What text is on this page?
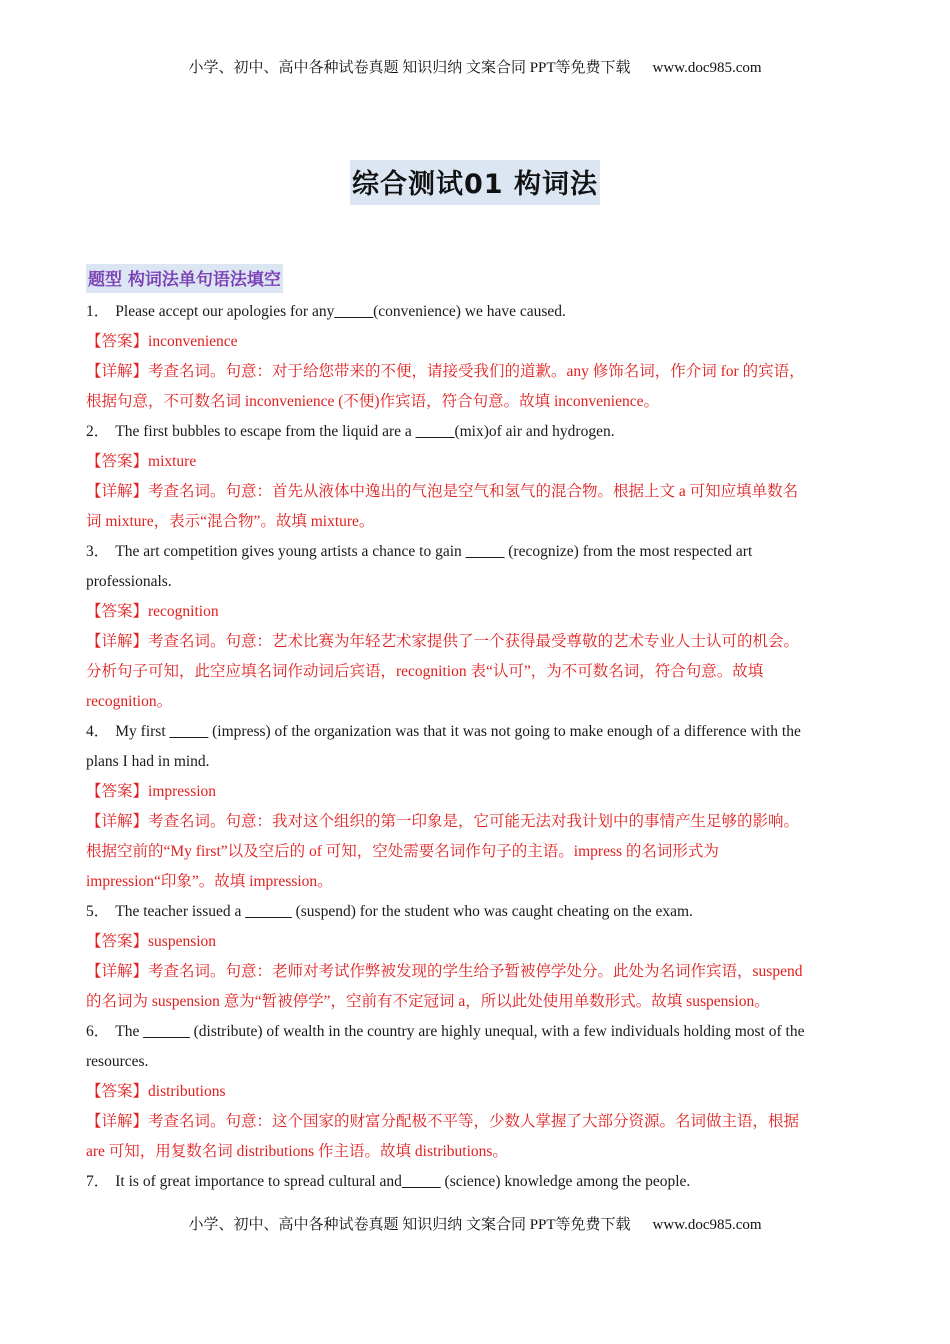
小学、初中、高中各种试卷真题 知识归纳 文案合同 PPT等免费下载 www.doc985.com
综合测试01 构词法
题型 构词法单句语法填空

1． Please accept our apologies for any_____(convenience) we have caused.

【答案】inconvenience

【详解】考查名词。句意：对于给您带来的不便，请接受我们的道歉。any 修饰名词，作介词 for 的宾语，

根据句意，不可数名词 inconvenience (不便)作宾语，符合句意。故填 inconvenience。

2． The first bubbles to escape from the liquid are a _____(mix)of air and hydrogen.

【答案】mixture

【详解】考查名词。句意：首先从液体中逸出的气泡是空气和氢气的混合物。根据上文 a 可知应填单数名

词 mixture，表示“混合物”。故填 mixture。

3． The art competition gives young artists a chance to gain _____ (recognize) from the most respected art

professionals.

【答案】recognition

【详解】考查名词。句意：艺术比赛为年轻艺术家提供了一个获得最受尊敬的艺术专业人士认可的机会。

分析句子可知，此空应填名词作动词后宾语，recognition 表“认可”，为不可数名词，符合句意。故填

recognition。

4． My first _____ (impress) of the organization was that it was not going to make enough of a difference with the

plans I had in mind.

【答案】impression

【详解】考查名词。句意：我对这个组织的第一印象是，它可能无法对我计划中的事情产生足够的影响。

根据空前的“My first”以及空后的 of 可知，空处需要名词作句子的主语。impress 的名词形式为

impression“印象”。故填 impression。

5． The teacher issued a ______ (suspend) for the student who was caught cheating on the exam.

【答案】suspension

【详解】考查名词。句意：老师对考试作弊被发现的学生给予暂被停学处分。此处为名词作宾语，suspend

的名词为 suspension 意为“暂被停学”，空前有不定冠词 a，所以此处使用单数形式。故填 suspension。

6． The ______ (distribute) of wealth in the country are highly unequal, with a few individuals holding most of the

resources.

【答案】distributions

【详解】考查名词。句意：这个国家的财富分配极不平等，少数人掌握了大部分资源。名词做主语，根据

are 可知，用复数名词 distributions 作主语。故填 distributions。

7． It is of great importance to spread cultural and_____ (science) knowledge among the people.

小学、初中、高中各种试卷真题 知识归纳 文案合同 PPT等免费下载 www.doc985.com
